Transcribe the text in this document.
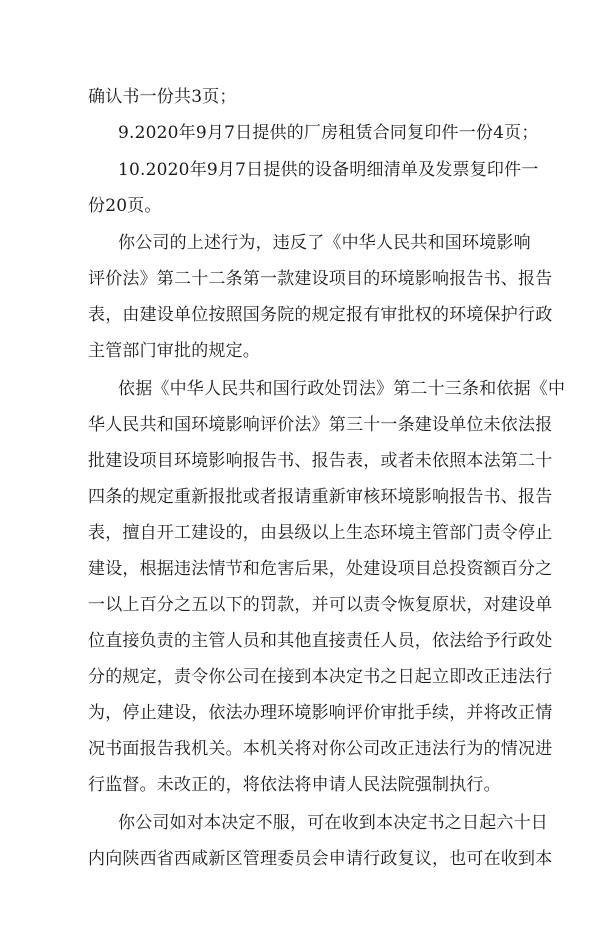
确认书一份共3页；
9.2020年9月7日提供的厂房租赁合同复印件一份4页；
10.2020年9月7日提供的设备明细清单及发票复印件一
份20页。
你公司的上述行为，违反了《中华人民共和国环境影响
评价法》第二十二条第一款建设项目的环境影响报告书、报告
表，由建设单位按照国务院的规定报有审批权的环境保护行政
主管部门审批的规定。
依据《中华人民共和国行政处罚法》第二十三条和依据《中
华人民共和国环境影响评价法》第三十一条建设单位未依法报
批建设项目环境影响报告书、报告表，或者未依照本法第二十
四条的规定重新报批或者报请重新审核环境影响报告书、报告
表，擅自开工建设的，由县级以上生态环境主管部门责令停止
建设，根据违法情节和危害后果，处建设项目总投资额百分之
一以上百分之五以下的罚款，并可以责令恢复原状，对建设单
位直接负责的主管人员和其他直接责任人员，依法给予行政处
分的规定，责令你公司在接到本决定书之日起立即改正违法行
为，停止建设，依法办理环境影响评价审批手续，并将改正情
况书面报告我机关。本机关将对你公司改正违法行为的情况进
行监督。未改正的，将依法将申请人民法院强制执行。
你公司如对本决定不服，可在收到本决定书之日起六十日
内向陕西省西咸新区管理委员会申请行政复议，也可在收到本
